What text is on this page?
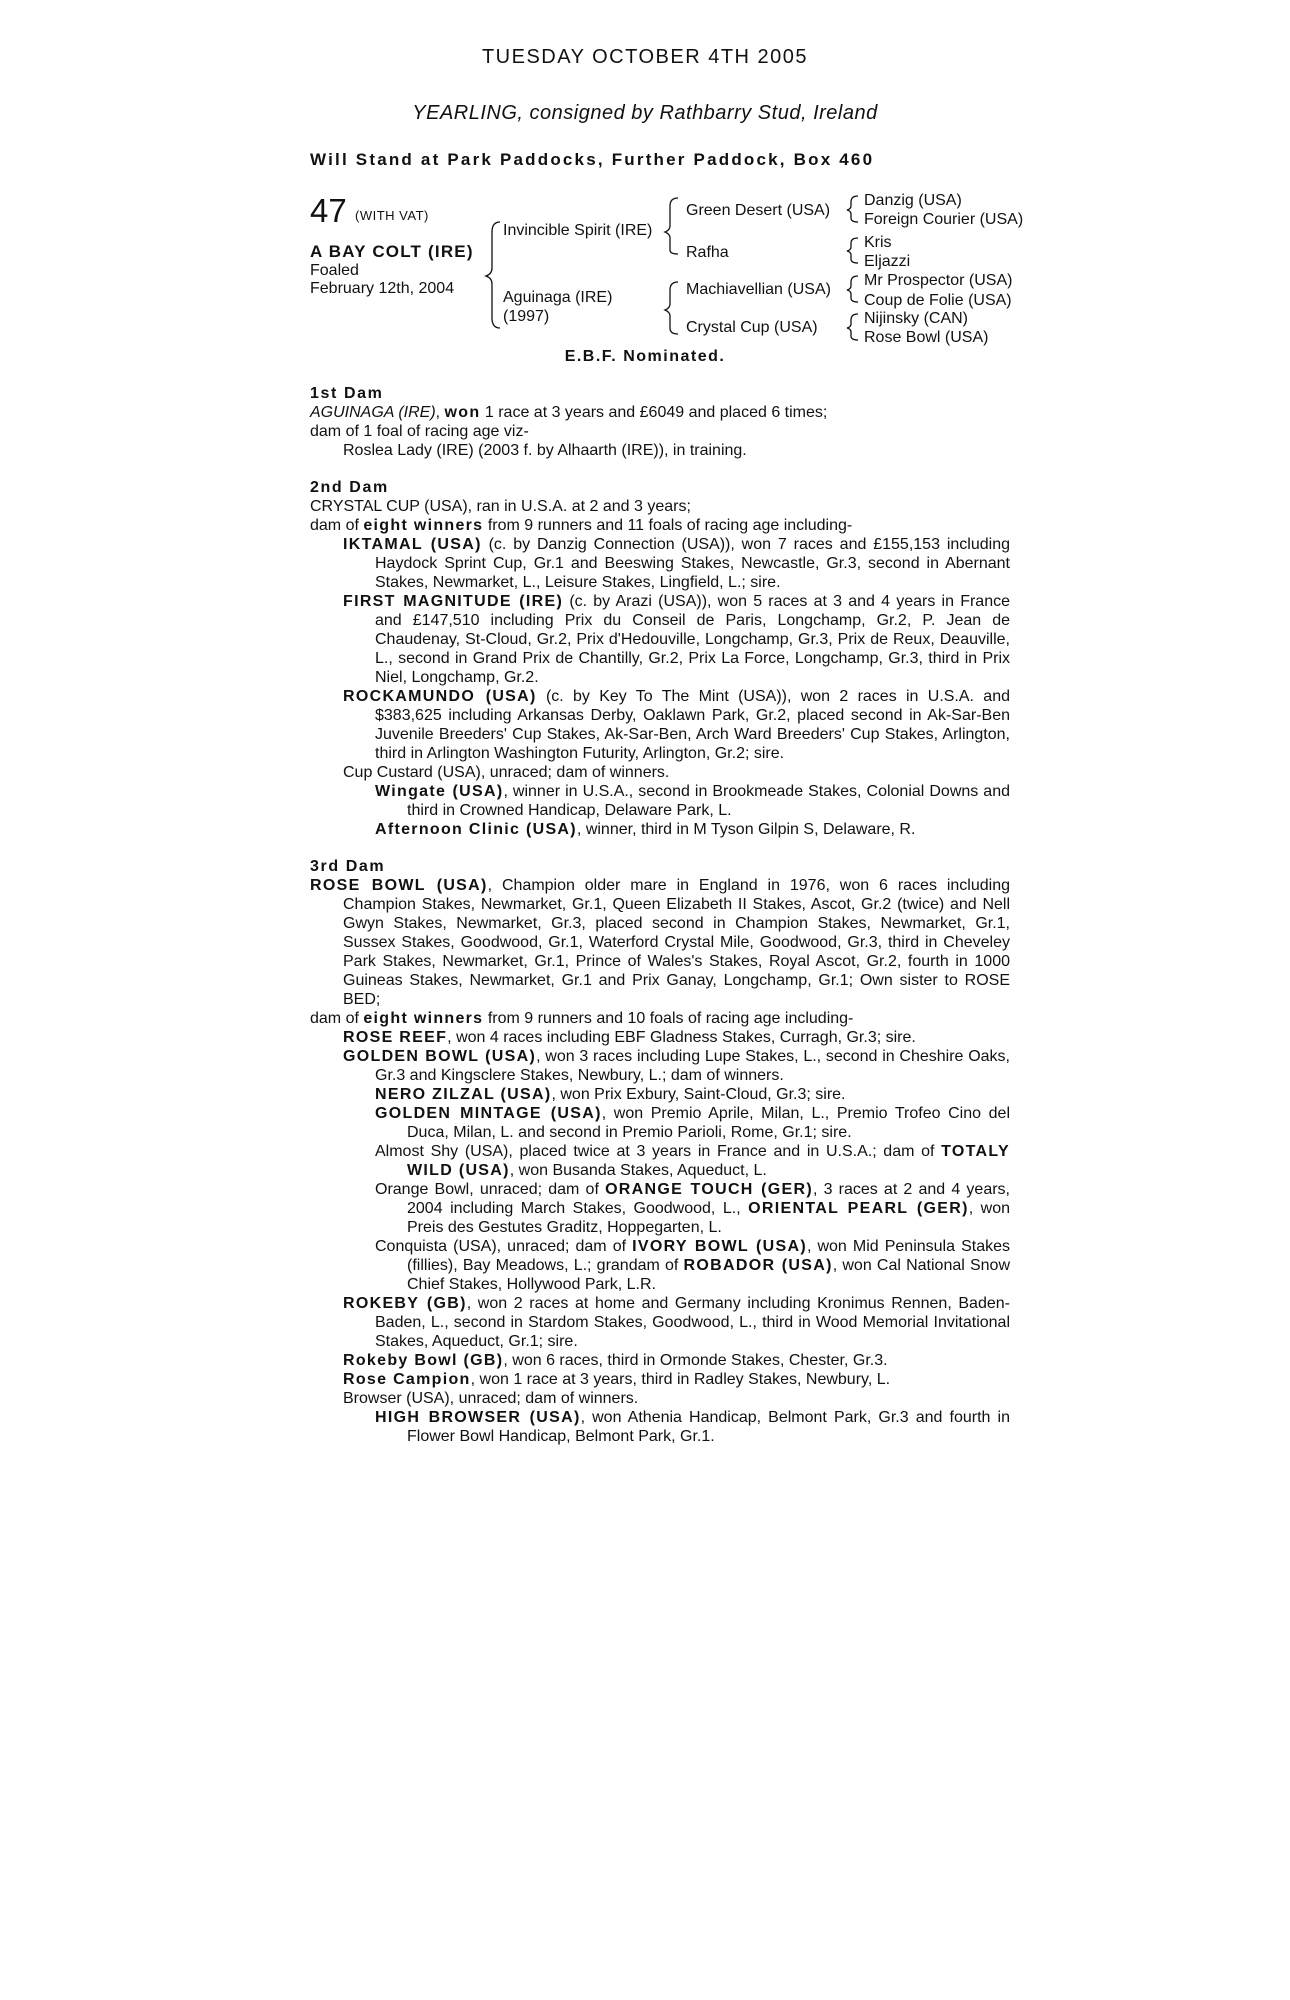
TUESDAY OCTOBER 4TH 2005
YEARLING, consigned by Rathbarry Stud, Ireland
Will Stand at Park Paddocks, Further Paddock, Box 460
47 (WITH VAT)
A BAY COLT (IRE)
Foaled
February 12th, 2004
Invincible Spirit (IRE)
Aguinaga (IRE)
(1997)
Green Desert (USA)
Rafha
Machiavellian (USA)
Crystal Cup (USA)
Danzig (USA)
Foreign Courier (USA)
Kris
Eljazzi
Mr Prospector (USA)
Coup de Folie (USA)
Nijinsky (CAN)
Rose Bowl (USA)
E.B.F. Nominated.

1st Dam

AGUINAGA (IRE), won 1 race at 3 years and £6049 and placed 6 times;

dam of 1 foal of racing age viz-

Roslea Lady (IRE) (2003 f. by Alhaarth (IRE)), in training.

2nd Dam

CRYSTAL CUP (USA), ran in U.S.A. at 2 and 3 years;

dam of eight winners from 9 runners and 11 foals of racing age including-

IKTAMAL (USA) (c. by Danzig Connection (USA)), won 7 races and £155,153 including Haydock Sprint Cup, Gr.1 and Beeswing Stakes, Newcastle, Gr.3, second in Abernant Stakes, Newmarket, L., Leisure Stakes, Lingfield, L.; sire.

FIRST MAGNITUDE (IRE) (c. by Arazi (USA)), won 5 races at 3 and 4 years in France and £147,510 including Prix du Conseil de Paris, Longchamp, Gr.2, P. Jean de Chaudenay, St-Cloud, Gr.2, Prix d'Hedouville, Longchamp, Gr.3, Prix de Reux, Deauville, L., second in Grand Prix de Chantilly, Gr.2, Prix La Force, Longchamp, Gr.3, third in Prix Niel, Longchamp, Gr.2.

ROCKAMUNDO (USA) (c. by Key To The Mint (USA)), won 2 races in U.S.A. and $383,625 including Arkansas Derby, Oaklawn Park, Gr.2, placed second in Ak-Sar-Ben Juvenile Breeders' Cup Stakes, Ak-Sar-Ben, Arch Ward Breeders' Cup Stakes, Arlington, third in Arlington Washington Futurity, Arlington, Gr.2; sire.

Cup Custard (USA), unraced; dam of winners.

Wingate (USA), winner in U.S.A., second in Brookmeade Stakes, Colonial Downs and third in Crowned Handicap, Delaware Park, L.

Afternoon Clinic (USA), winner, third in M Tyson Gilpin S, Delaware, R.

3rd Dam

ROSE BOWL (USA), Champion older mare in England in 1976, won 6 races including Champion Stakes, Newmarket, Gr.1, Queen Elizabeth II Stakes, Ascot, Gr.2 (twice) and Nell Gwyn Stakes, Newmarket, Gr.3, placed second in Champion Stakes, Newmarket, Gr.1, Sussex Stakes, Goodwood, Gr.1, Waterford Crystal Mile, Goodwood, Gr.3, third in Cheveley Park Stakes, Newmarket, Gr.1, Prince of Wales's Stakes, Royal Ascot, Gr.2, fourth in 1000 Guineas Stakes, Newmarket, Gr.1 and Prix Ganay, Longchamp, Gr.1; Own sister to ROSE BED;

dam of eight winners from 9 runners and 10 foals of racing age including-

ROSE REEF, won 4 races including EBF Gladness Stakes, Curragh, Gr.3; sire.

GOLDEN BOWL (USA), won 3 races including Lupe Stakes, L., second in Cheshire Oaks, Gr.3 and Kingsclere Stakes, Newbury, L.; dam of winners.

NERO ZILZAL (USA), won Prix Exbury, Saint-Cloud, Gr.3; sire.

GOLDEN MINTAGE (USA), won Premio Aprile, Milan, L., Premio Trofeo Cino del Duca, Milan, L. and second in Premio Parioli, Rome, Gr.1; sire.

Almost Shy (USA), placed twice at 3 years in France and in U.S.A.; dam of TOTALY WILD (USA), won Busanda Stakes, Aqueduct, L.

Orange Bowl, unraced; dam of ORANGE TOUCH (GER), 3 races at 2 and 4 years, 2004 including March Stakes, Goodwood, L., ORIENTAL PEARL (GER), won Preis des Gestutes Graditz, Hoppegarten, L.

Conquista (USA), unraced; dam of IVORY BOWL (USA), won Mid Peninsula Stakes (fillies), Bay Meadows, L.; grandam of ROBADOR (USA), won Cal National Snow Chief Stakes, Hollywood Park, L.R.

ROKEBY (GB), won 2 races at home and Germany including Kronimus Rennen, Baden-Baden, L., second in Stardom Stakes, Goodwood, L., third in Wood Memorial Invitational Stakes, Aqueduct, Gr.1; sire.

Rokeby Bowl (GB), won 6 races, third in Ormonde Stakes, Chester, Gr.3.

Rose Campion, won 1 race at 3 years, third in Radley Stakes, Newbury, L.

Browser (USA), unraced; dam of winners.

HIGH BROWSER (USA), won Athenia Handicap, Belmont Park, Gr.3 and fourth in Flower Bowl Handicap, Belmont Park, Gr.1.
